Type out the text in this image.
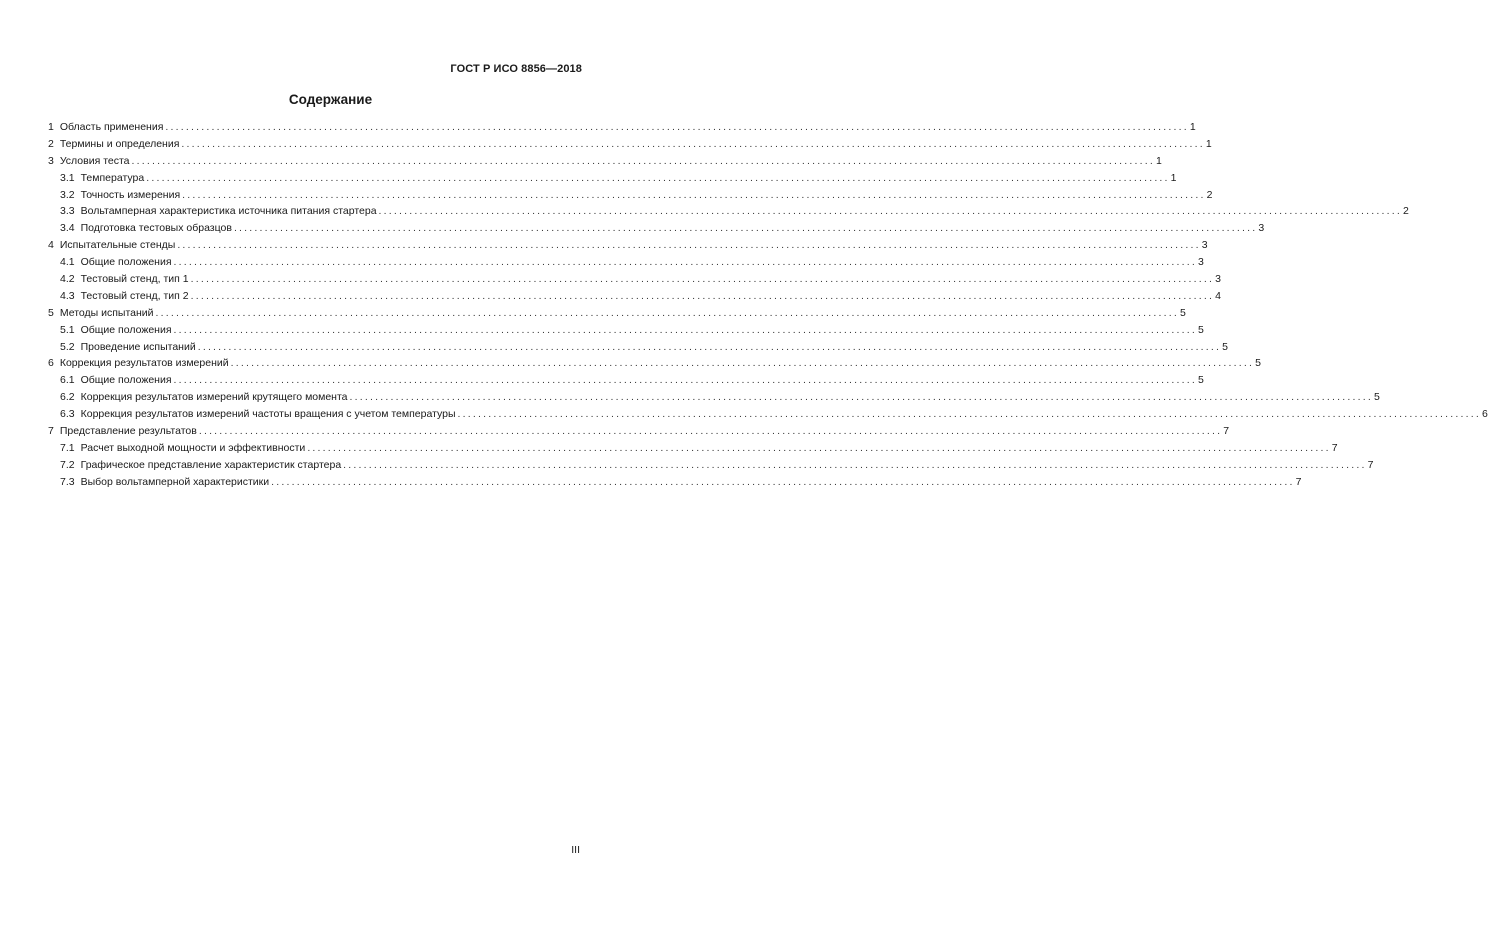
ГОСТ Р ИСО 8856—2018
Содержание
1 Область применения ........................................................................................................................................................................................................ 1
2 Термины и определения ........................................................................................................................................................................................................ 1
3 Условия теста ........................................................................................................................................................................................................ 1
3.1 Температура ........................................................................................................................................................................................................ 1
3.2 Точность измерения ........................................................................................................................................................................................................ 2
3.3 Вольтамперная характеристика источника питания стартера ........................................................................................................................................................................................................ 2
3.4 Подготовка тестовых образцов ........................................................................................................................................................................................................ 3
4 Испытательные стенды ........................................................................................................................................................................................................ 3
4.1 Общие положения ........................................................................................................................................................................................................ 3
4.2 Тестовый стенд, тип 1 ........................................................................................................................................................................................................ 3
4.3 Тестовый стенд, тип 2 ........................................................................................................................................................................................................ 4
5 Методы испытаний ........................................................................................................................................................................................................ 5
5.1 Общие положения ........................................................................................................................................................................................................ 5
5.2 Проведение испытаний ........................................................................................................................................................................................................ 5
6 Коррекция результатов измерений ........................................................................................................................................................................................................ 5
6.1 Общие положения ........................................................................................................................................................................................................ 5
6.2 Коррекция результатов измерений крутящего момента ........................................................................................................................................................................................................ 5
6.3 Коррекция результатов измерений частоты вращения с учетом температуры ........................................................................................................................................................................................................ 6
7 Представление результатов ........................................................................................................................................................................................................ 7
7.1 Расчет выходной мощности и эффективности ........................................................................................................................................................................................................ 7
7.2 Графическое представление характеристик стартера ........................................................................................................................................................................................................ 7
7.3 Выбор вольтамперной характеристики ........................................................................................................................................................................................................ 7
III
